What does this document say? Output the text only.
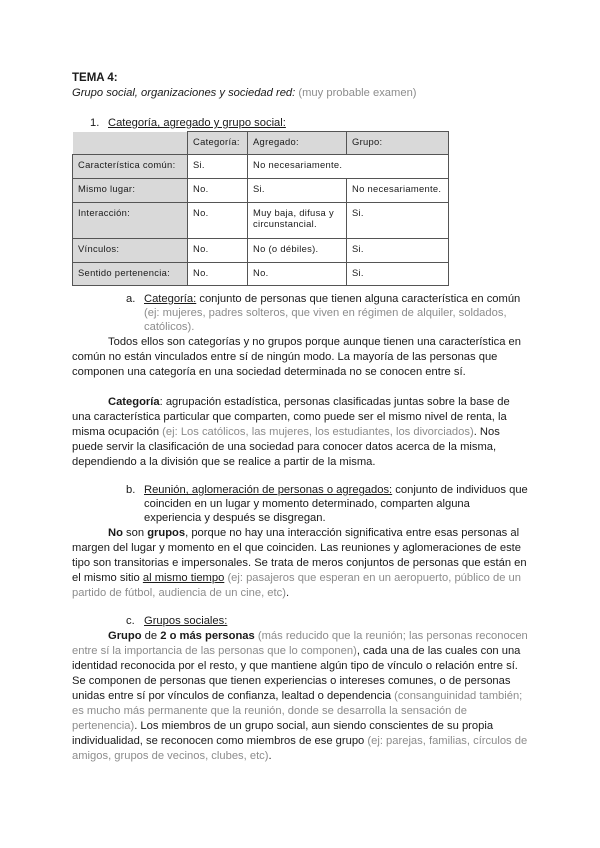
TEMA 4:
Grupo social, organizaciones y sociedad red: (muy probable examen)
1. Categoría, agregado y grupo social:
	Categoría:	Agregado:	Grupo:
Característica común:	Si.	No necesariamente.	
Mismo lugar:	No.	Si.	No necesariamente.
Interacción:	No.	Muy baja, difusa y circunstancial.	Si.
Vínculos:	No.	No (o débiles).	Si.
Sentido pertenencia:	No.	No.	Si.
a. Categoría: conjunto de personas que tienen alguna característica en común (ej: mujeres, padres solteros, que viven en régimen de alquiler, soldados, católicos).
Todos ellos son categorías y no grupos porque aunque tienen una característica en común no están vinculados entre sí de ningún modo. La mayoría de las personas que componen una categoría en una sociedad determinada no se conocen entre sí.
Categoría: agrupación estadística, personas clasificadas juntas sobre la base de una característica particular que comparten, como puede ser el mismo nivel de renta, la misma ocupación (ej: Los católicos, las mujeres, los estudiantes, los divorciados). Nos puede servir la clasificación de una sociedad para conocer datos acerca de la misma, dependiendo a la división que se realice a partir de la misma.
b. Reunión, aglomeración de personas o agregados: conjunto de individuos que coinciden en un lugar y momento determinado, comparten alguna experiencia y después se disgregan.
No son grupos, porque no hay una interacción significativa entre esas personas al margen del lugar y momento en el que coinciden. Las reuniones y aglomeraciones de este tipo son transitorias e impersonales. Se trata de meros conjuntos de personas que están en el mismo sitio al mismo tiempo (ej: pasajeros que esperan en un aeropuerto, público de un partido de fútbol, audiencia de un cine, etc).
c. Grupos sociales:
Grupo de 2 o más personas (más reducido que la reunión; las personas reconocen entre sí la importancia de las personas que lo componen), cada una de las cuales con una identidad reconocida por el resto, y que mantiene algún tipo de vínculo o relación entre sí. Se componen de personas que tienen experiencias o intereses comunes, o de personas unidas entre sí por vínculos de confianza, lealtad o dependencia (consanguinidad también; es mucho más permanente que la reunión, donde se desarrolla la sensación de pertenencia). Los miembros de un grupo social, aun siendo conscientes de su propia individualidad, se reconocen como miembros de ese grupo (ej: parejas, familias, círculos de amigos, grupos de vecinos, clubes, etc).
